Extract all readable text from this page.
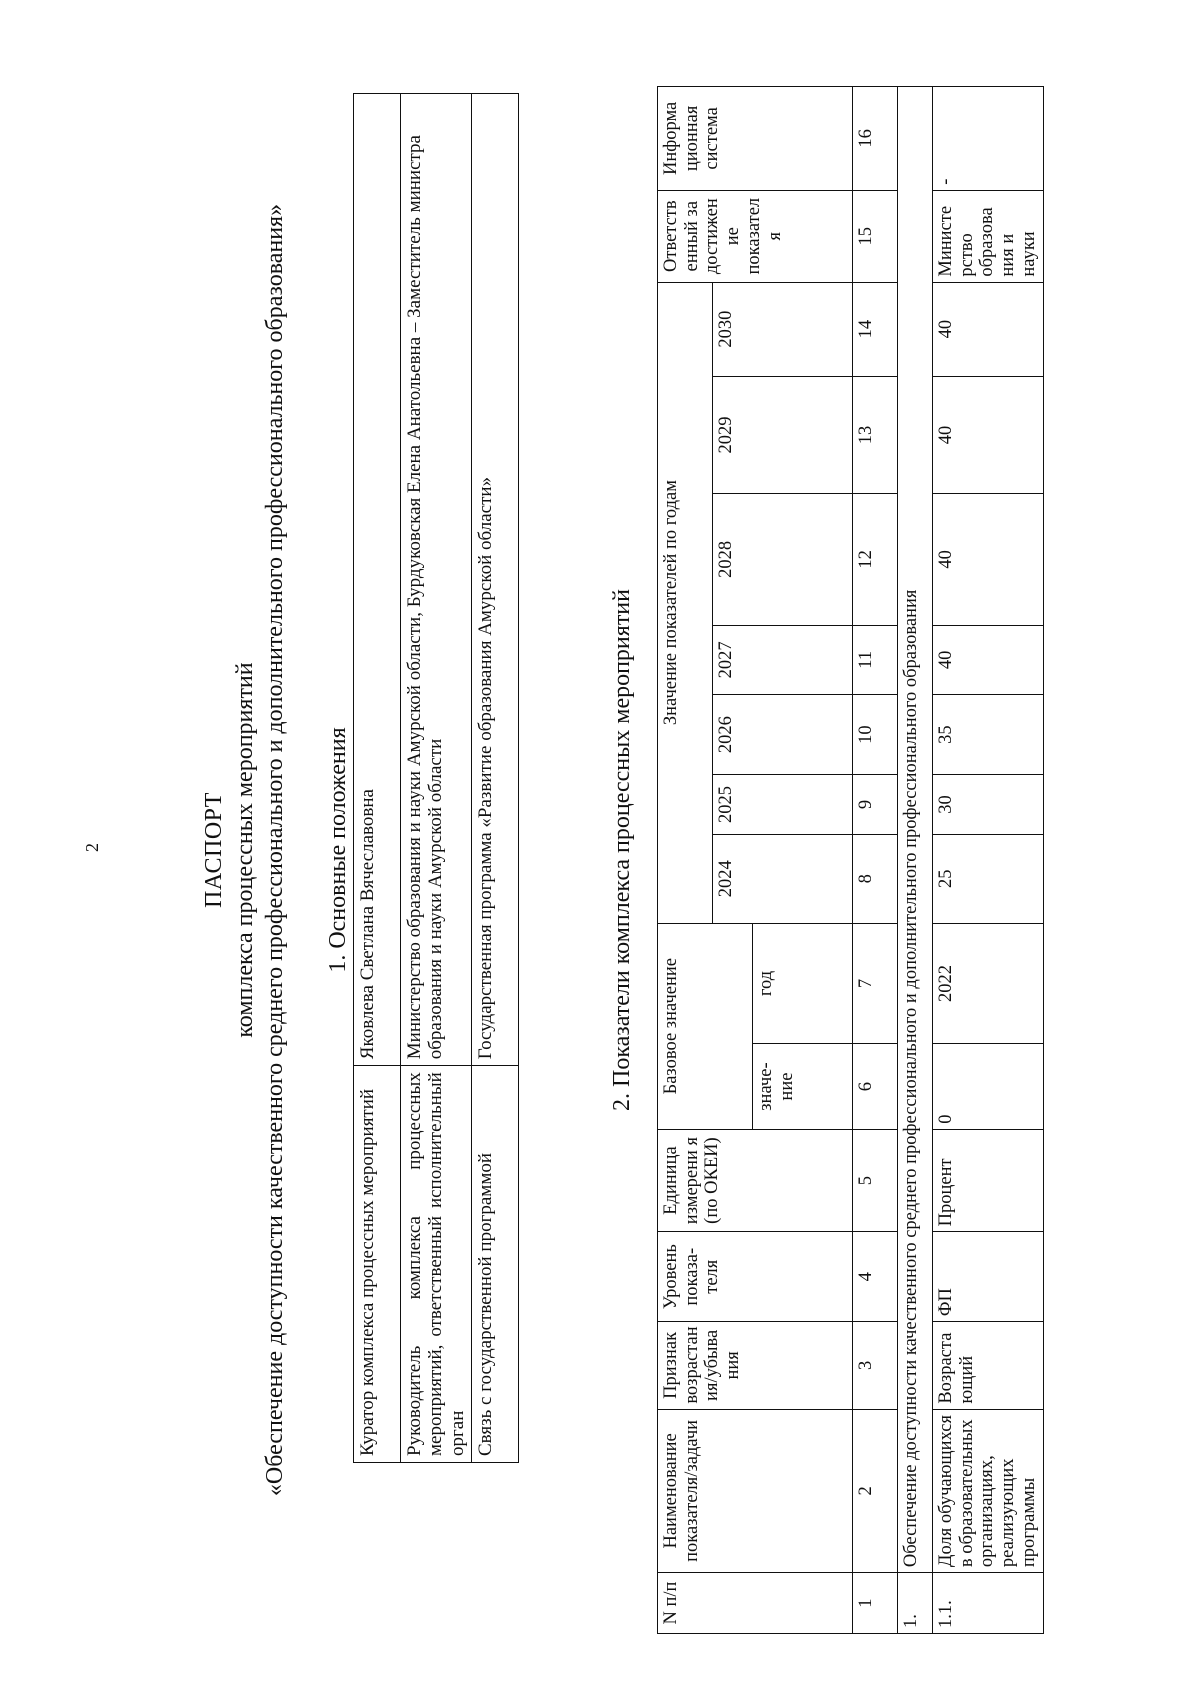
2	ПАСПОРТ комплекса процессных мероприятий «Обеспечение доступности качественного среднего профессионального и дополнительного профессионального образования» 1. Основные положения
Куратор комплекса процессных мероприятий	Яковлева Светлана Вячеславовна
Руководитель комплекса процессных мероприятий, ответственный исполнительный орган	Министерство образования и науки Амурской области, Бурдуковская Елена Анатольевна – Заместитель министра образования и науки Амурской области
Связь с государственной программой	Государственная программа «Развитие образования Амурской области»	2. Показатели комплекса процессных мероприятий
N п/п	Наименование показателя/задачи	Признак возрастан ия/убыва ния	Уровень показа- теля	Единица измерени я (по ОКЕИ)	Базовое значение		Значение показателей по годам							Ответств енный за достижен ие показател я	Информа ционная система
							2024	2025	2026	2027	2028	2029	2030		
					значе- ние	год									
1	2	3	4	5	6	7	8	9	10	11	12	13	14	15	16
1.	Обеспечение доступности качественного среднего профессионального и дополнительного профессионального образования														
1.1.	Доля обучающихся в образовательных организациях, реализующих программы	Возраста ющий	ФП	Процент	0	2022	25	30	35	40	40	40	40	Министе рство образова ния и науки	-
